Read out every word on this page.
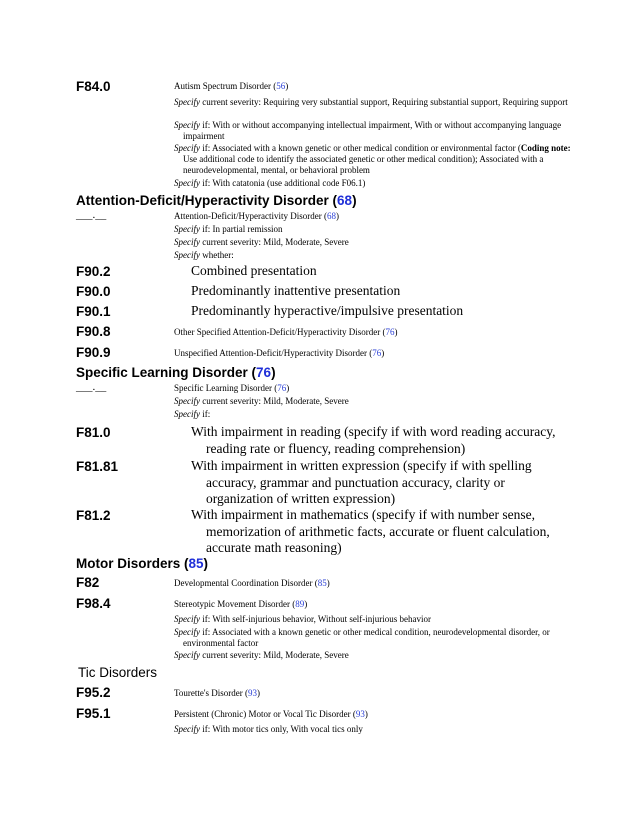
F84.0	Autism Spectrum Disorder (56)
Specify current severity: Requiring very substantial support, Requiring substantial support, Requiring support
Specify if: With or without accompanying intellectual impairment, With or without accompanying language impairment
Specify if: Associated with a known genetic or other medical condition or environmental factor (Coding note: Use additional code to identify the associated genetic or other medical condition); Associated with a neurodevelopmental, mental, or behavioral problem
Specify if: With catatonia (use additional code F06.1)
Attention-Deficit/Hyperactivity Disorder (68)
___.__	Attention-Deficit/Hyperactivity Disorder (68)
Specify if: In partial remission
Specify current severity: Mild, Moderate, Severe
Specify whether:
F90.2	Combined presentation
F90.0	Predominantly inattentive presentation
F90.1	Predominantly hyperactive/impulsive presentation
F90.8	Other Specified Attention-Deficit/Hyperactivity Disorder (76)
F90.9	Unspecified Attention-Deficit/Hyperactivity Disorder (76)
Specific Learning Disorder (76)
___.__	Specific Learning Disorder (76)
Specify current severity: Mild, Moderate, Severe
Specify if:
F81.0	With impairment in reading (specify if with word reading accuracy, reading rate or fluency, reading comprehension)
F81.81	With impairment in written expression (specify if with spelling accuracy, grammar and punctuation accuracy, clarity or organization of written expression)
F81.2	With impairment in mathematics (specify if with number sense, memorization of arithmetic facts, accurate or fluent calculation, accurate math reasoning)
Motor Disorders (85)
F82	Developmental Coordination Disorder (85)
F98.4	Stereotypic Movement Disorder (89)
Specify if: With self-injurious behavior, Without self-injurious behavior
Specify if: Associated with a known genetic or other medical condition, neurodevelopmental disorder, or environmental factor
Specify current severity: Mild, Moderate, Severe
Tic Disorders
F95.2	Tourette's Disorder (93)
F95.1	Persistent (Chronic) Motor or Vocal Tic Disorder (93)
Specify if: With motor tics only, With vocal tics only
